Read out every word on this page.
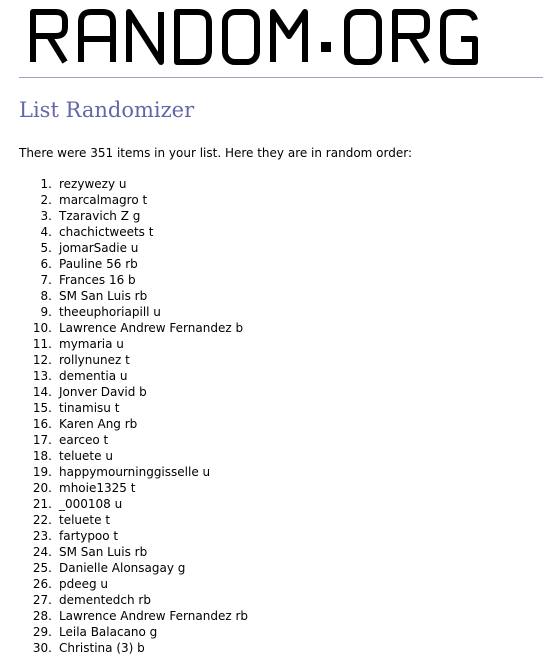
List Randomizer

There were 351 items in your list. Here they are in random order:

1. rezywezy u
2. marcalmagro t
3. Tzaravich Z g
4. chachictweets t
5. jomarSadie u
6. Pauline 56 rb
7. Frances 16 b
8. SM San Luis rb
9. theeuphoriapill u
10. Lawrence Andrew Fernandez b
11. mymaria u
12. rollynunez t
13. dementia u
14. Jonver David b
15. tinamisu t
16. Karen Ang rb
17. earceo t
18. teluete u
19. happymourninggisselle u
20. mhoie1325 t
21. _000108 u
22. teluete t
23. fartypoo t
24. SM San Luis rb
25. Danielle Alonsagay g
26. pdeeg u
27. dementedch rb
28. Lawrence Andrew Fernandez rb
29. Leila Balacano g
30. Christina (3) b
